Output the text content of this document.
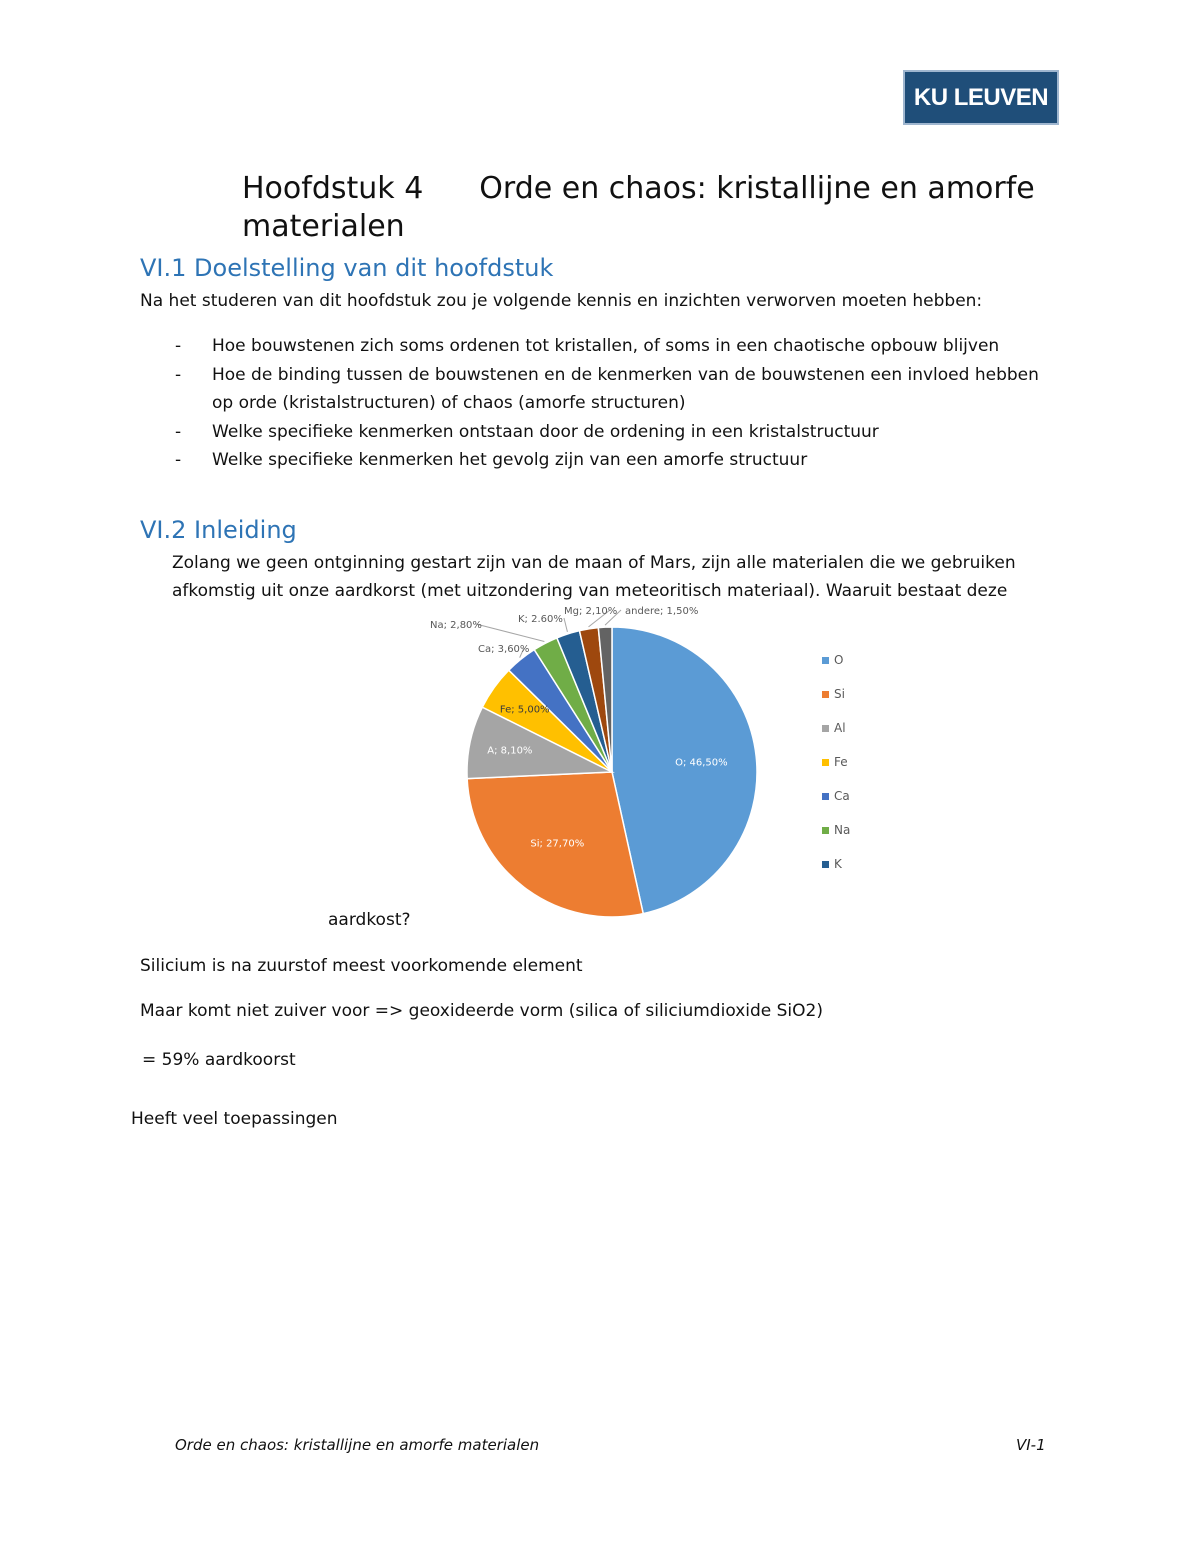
KU LEUVEN
Hoofdstuk 4 Orde en chaos: kristallijne en amorfe materialen
VI.1 Doelstelling van dit hoofdstuk

Na het studeren van dit hoofdstuk zou je volgende kennis en inzichten verworven moeten hebben:

- Hoe bouwstenen zich soms ordenen tot kristallen, of soms in een chaotische opbouw blijven
- Hoe de binding tussen de bouwstenen en de kenmerken van de bouwstenen een invloed hebben op orde (kristalstructuren) of chaos (amorfe structuren)
- Welke specifieke kenmerken ontstaan door de ordening in een kristalstructuur
- Welke specifieke kenmerken het gevolg zijn van een amorfe structuur
VI.2 Inleiding

Zolang we geen ontginning gestart zijn van de maan of Mars, zijn alle materialen die we gebruiken

afkomstig uit onze aardkorst (met uitzondering van meteoritisch materiaal). Waaruit bestaat deze

O; 46,50%
Si; 27,70%
A; 8,10%
Fe; 5,00%
Ca; 3,60%
Na; 2,80%
K; 2.60%
Mg; 2,10% andere; 1,50%
O
Si
Al
Fe
Ca
Na
K

aardkost?

Silicium is na zuurstof meest voorkomende element

Maar komt niet zuiver voor => geoxideerde vorm (silica of siliciumdioxide SiO2)

= 59% aardkoorst

Heeft veel toepassingen

Orde en chaos: kristallijne en amorfe materialen	VI-1
